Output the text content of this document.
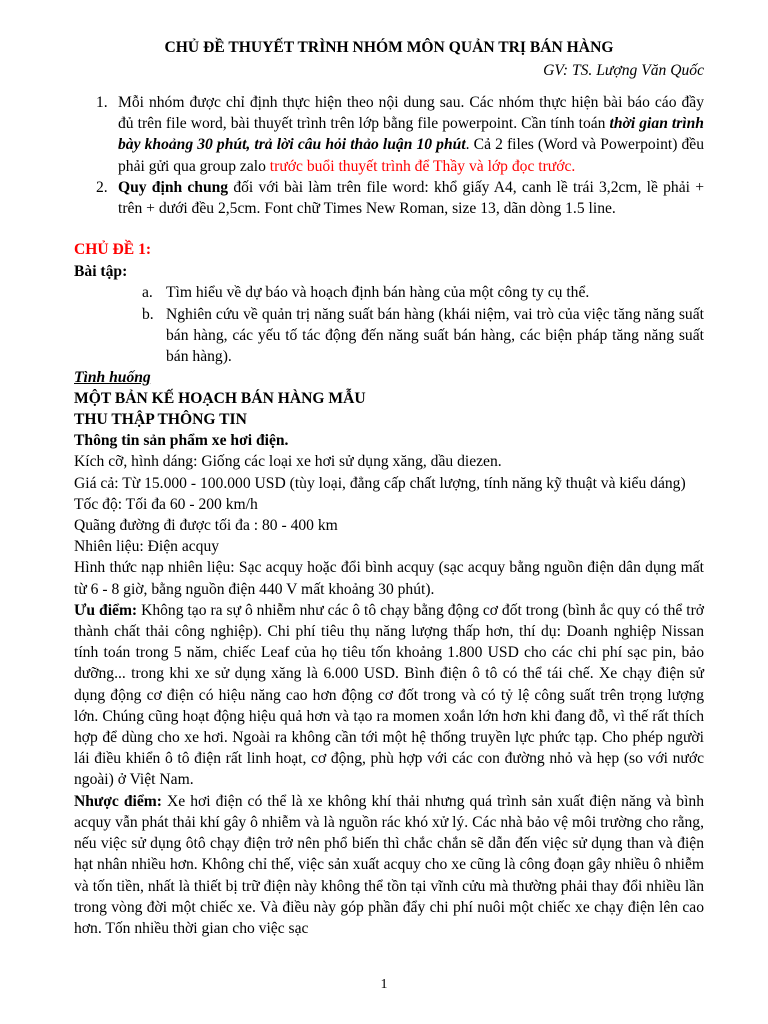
CHỦ ĐỀ THUYẾT TRÌNH NHÓM MÔN QUẢN TRỊ BÁN HÀNG

GV: TS. Lượng Văn Quốc

1. Mỗi nhóm được chỉ định thực hiện theo nội dung sau. Các nhóm thực hiện bài báo cáo đầy đủ trên file word, bài thuyết trình trên lớp bằng file powerpoint. Cần tính toán thời gian trình bày khoảng 30 phút, trả lời câu hỏi thảo luận 10 phút. Cả 2 files (Word và Powerpoint) đều phải gửi qua group zalo trước buổi thuyết trình để Thầy và lớp đọc trước.
2. Quy định chung đối với bài làm trên file word: khổ giấy A4, canh lề trái 3,2cm, lề phải + trên + dưới đều 2,5cm. Font chữ Times New Roman, size 13, dãn dòng 1.5 line.

CHỦ ĐỀ 1:

Bài tập:

a. Tìm hiểu về dự báo và hoạch định bán hàng của một công ty cụ thể.
b. Nghiên cứu về quản trị năng suất bán hàng (khái niệm, vai trò của việc tăng năng suất bán hàng, các yếu tố tác động đến năng suất bán hàng, các biện pháp tăng năng suất bán hàng).

Tình huống

MỘT BẢN KẾ HOẠCH BÁN HÀNG MẪU

THU THẬP THÔNG TIN

Thông tin sản phẩm xe hơi điện.

Kích cỡ, hình dáng: Giống các loại xe hơi sử dụng xăng, dầu diezen.

Giá cả: Từ 15.000 - 100.000 USD (tùy loại, đẳng cấp chất lượng, tính năng kỹ thuật và kiểu dáng)

Tốc độ: Tối đa 60 - 200 km/h

Quãng đường đi được tối đa : 80 - 400 km

Nhiên liệu: Điện acquy

Hình thức nạp nhiên liệu: Sạc acquy hoặc đổi bình acquy (sạc acquy bằng nguồn điện dân dụng mất từ 6 - 8 giờ, bằng nguồn điện 440 V mất khoảng 30 phút).

Ưu điểm: Không tạo ra sự ô nhiễm như các ô tô chạy bằng động cơ đốt trong (bình ắc quy có thể trở thành chất thải công nghiệp). Chi phí tiêu thụ năng lượng thấp hơn, thí dụ: Doanh nghiệp Nissan tính toán trong 5 năm, chiếc Leaf của họ tiêu tốn khoảng 1.800 USD cho các chi phí sạc pin, bảo dưỡng... trong khi xe sử dụng xăng là 6.000 USD. Bình điện ô tô có thể tái chế. Xe chạy điện sử dụng động cơ điện có hiệu năng cao hơn động cơ đốt trong và có tỷ lệ công suất trên trọng lượng lớn. Chúng cũng hoạt động hiệu quả hơn và tạo ra momen xoắn lớn hơn khi đang đỗ, vì thế rất thích hợp để dùng cho xe hơi. Ngoài ra không cần tới một hệ thống truyền lực phức tạp. Cho phép người lái điều khiển ô tô điện rất linh hoạt, cơ động, phù hợp với các con đường nhỏ và hẹp (so với nước ngoài) ở Việt Nam.

Nhược điểm: Xe hơi điện có thể là xe không khí thải nhưng quá trình sản xuất điện năng và bình acquy vẫn phát thải khí gây ô nhiễm và là nguồn rác khó xử lý. Các nhà bảo vệ môi trường cho rằng, nếu việc sử dụng ôtô chạy điện trở nên phổ biến thì chắc chắn sẽ dẫn đến việc sử dụng than và điện hạt nhân nhiều hơn. Không chỉ thế, việc sản xuất acquy cho xe cũng là công đoạn gây nhiều ô nhiễm và tốn tiền, nhất là thiết bị trữ điện này không thể tồn tại vĩnh cửu mà thường phải thay đổi nhiều lần trong vòng đời một chiếc xe. Và điều này góp phần đẩy chi phí nuôi một chiếc xe chạy điện lên cao hơn. Tốn nhiều thời gian cho việc sạc

1
